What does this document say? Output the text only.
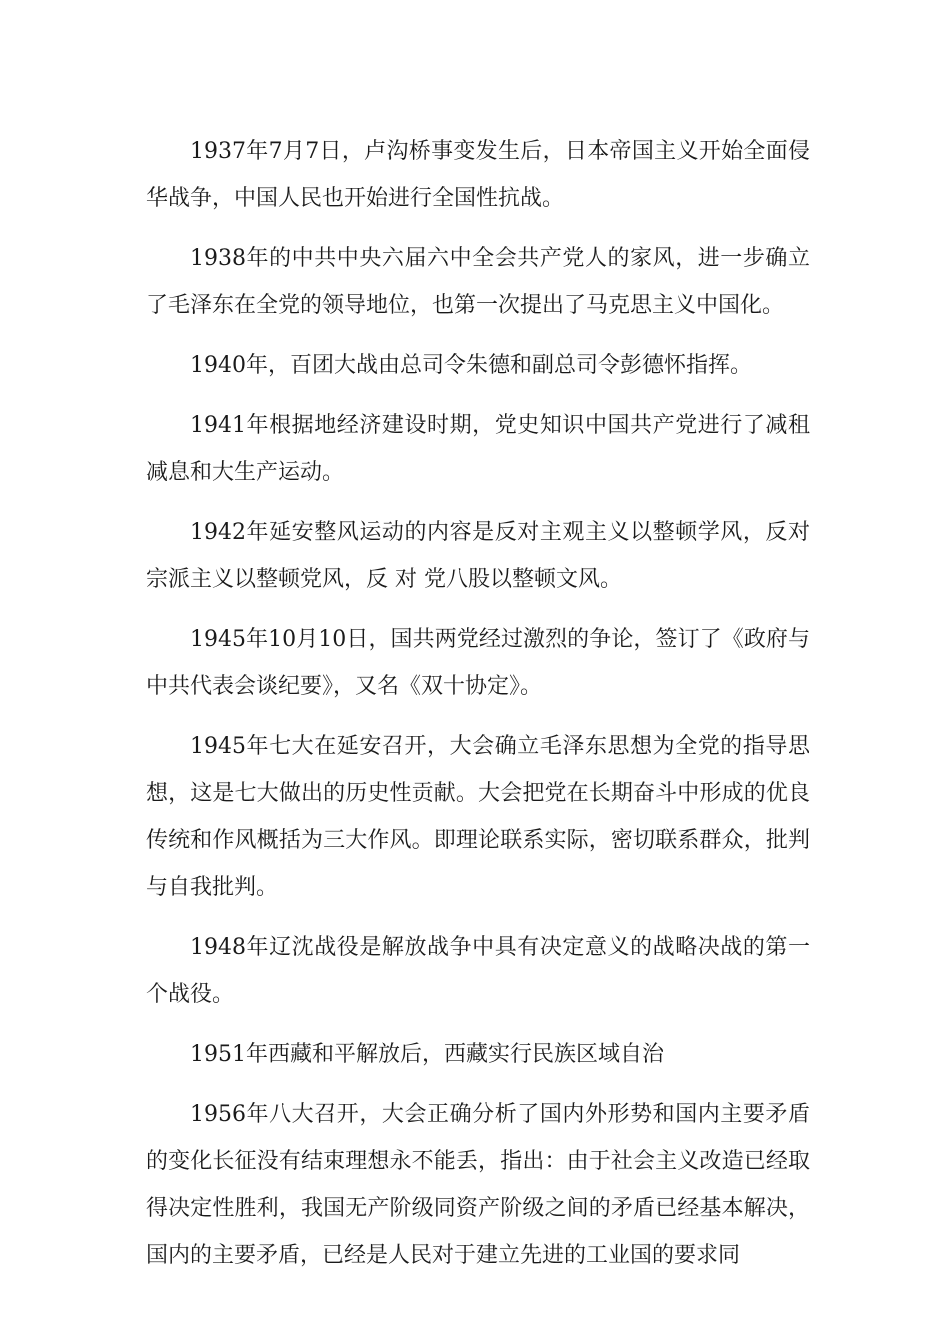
1937年7月7日，卢沟桥事变发生后，日本帝国主义开始全面侵华战争，中国人民也开始进行全国性抗战。

1938年的中共中央六届六中全会共产党人的家风，进一步确立了毛泽东在全党的领导地位，也第一次提出了马克思主义中国化。

1940年，百团大战由总司令朱德和副总司令彭德怀指挥。

1941年根据地经济建设时期，党史知识中国共产党进行了减租减息和大生产运动。

1942年延安整风运动的内容是反对主观主义以整顿学风，反对宗派主义以整顿党风，反 对 党八股以整顿文风。

1945年10月10日，国共两党经过激烈的争论，签订了《政府与中共代表会谈纪要》，又名《双十协定》。

1945年七大在延安召开，大会确立毛泽东思想为全党的指导思想，这是七大做出的历史性贡献。大会把党在长期奋斗中形成的优良传统和作风概括为三大作风。即理论联系实际，密切联系群众，批判与自我批判。

1948年辽沈战役是解放战争中具有决定意义的战略决战的第一个战役。

1951年西藏和平解放后，西藏实行民族区域自治

1956年八大召开，大会正确分析了国内外形势和国内主要矛盾的变化长征没有结束理想永不能丢，指出：由于社会主义改造已经取得决定性胜利，我国无产阶级同资产阶级之间的矛盾已经基本解决，国内的主要矛盾，已经是人民对于建立先进的工业国的要求同
